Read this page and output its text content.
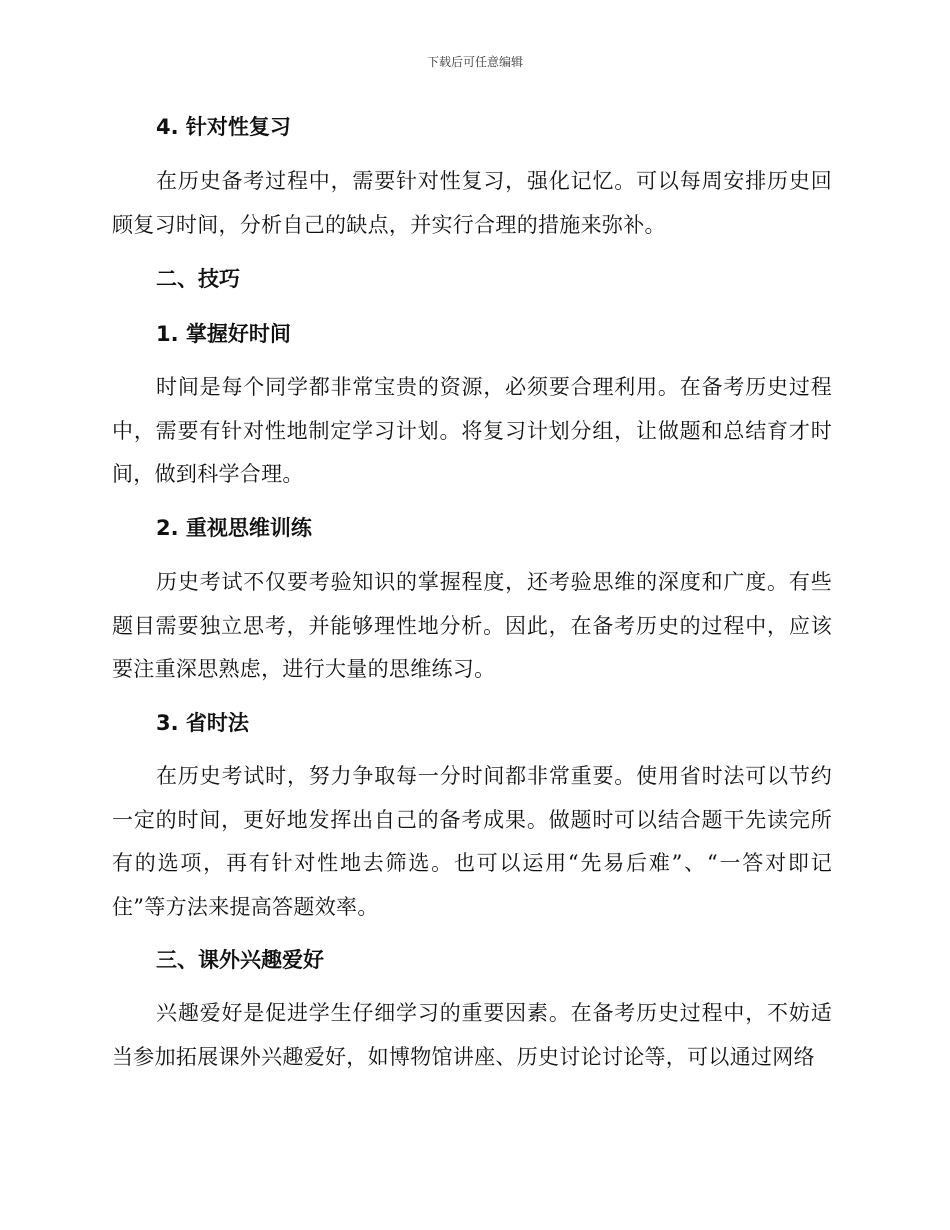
下载后可任意编辑
4. 针对性复习
在历史备考过程中，需要针对性复习，强化记忆。可以每周安排历史回顾复习时间，分析自己的缺点，并实行合理的措施来弥补。
二、技巧
1. 掌握好时间
时间是每个同学都非常宝贵的资源，必须要合理利用。在备考历史过程中，需要有针对性地制定学习计划。将复习计划分组，让做题和总结育才时间，做到科学合理。
2. 重视思维训练
历史考试不仅要考验知识的掌握程度，还考验思维的深度和广度。有些题目需要独立思考，并能够理性地分析。因此，在备考历史的过程中，应该要注重深思熟虑，进行大量的思维练习。
3. 省时法
在历史考试时，努力争取每一分时间都非常重要。使用省时法可以节约一定的时间，更好地发挥出自己的备考成果。做题时可以结合题干先读完所有的选项，再有针对性地去筛选。也可以运用“先易后难”、“一答对即记住”等方法来提高答题效率。
三、课外兴趣爱好
兴趣爱好是促进学生仔细学习的重要因素。在备考历史过程中，不妨适当参加拓展课外兴趣爱好，如博物馆讲座、历史讨论讨论等，可以通过网络
